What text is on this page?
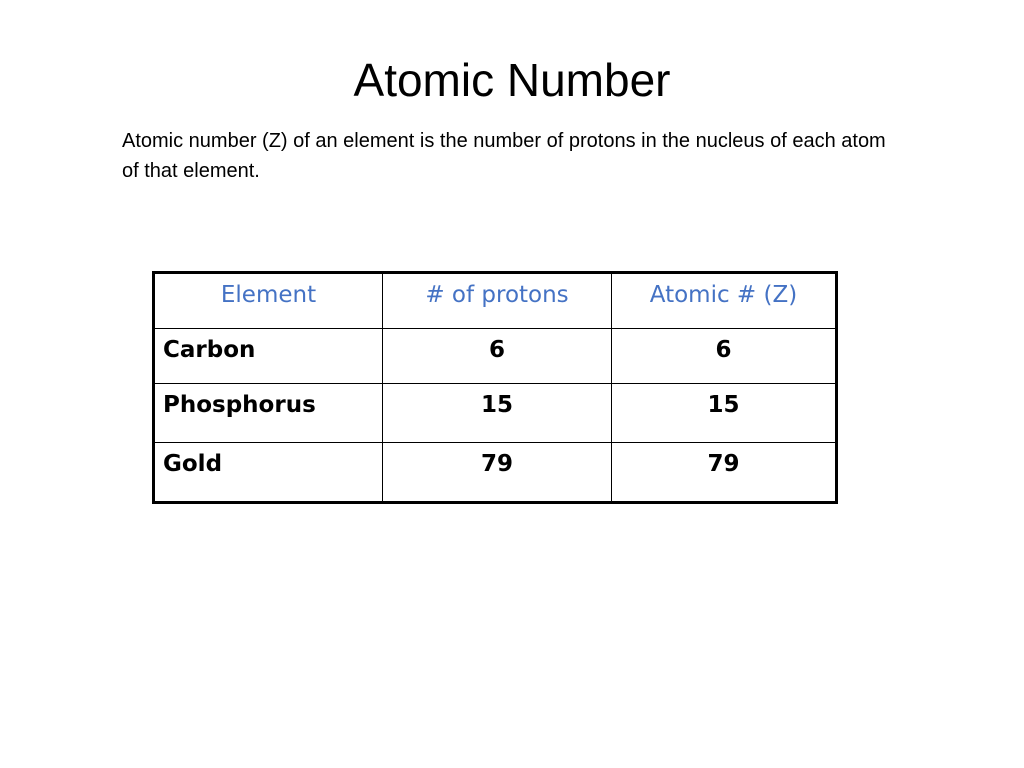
Atomic Number

Atomic number (Z) of an element is the number of protons in the nucleus of each atom of that element.

Element	# of protons	Atomic # (Z)
Carbon	6	6
Phosphorus	15	15
Gold	79	79
